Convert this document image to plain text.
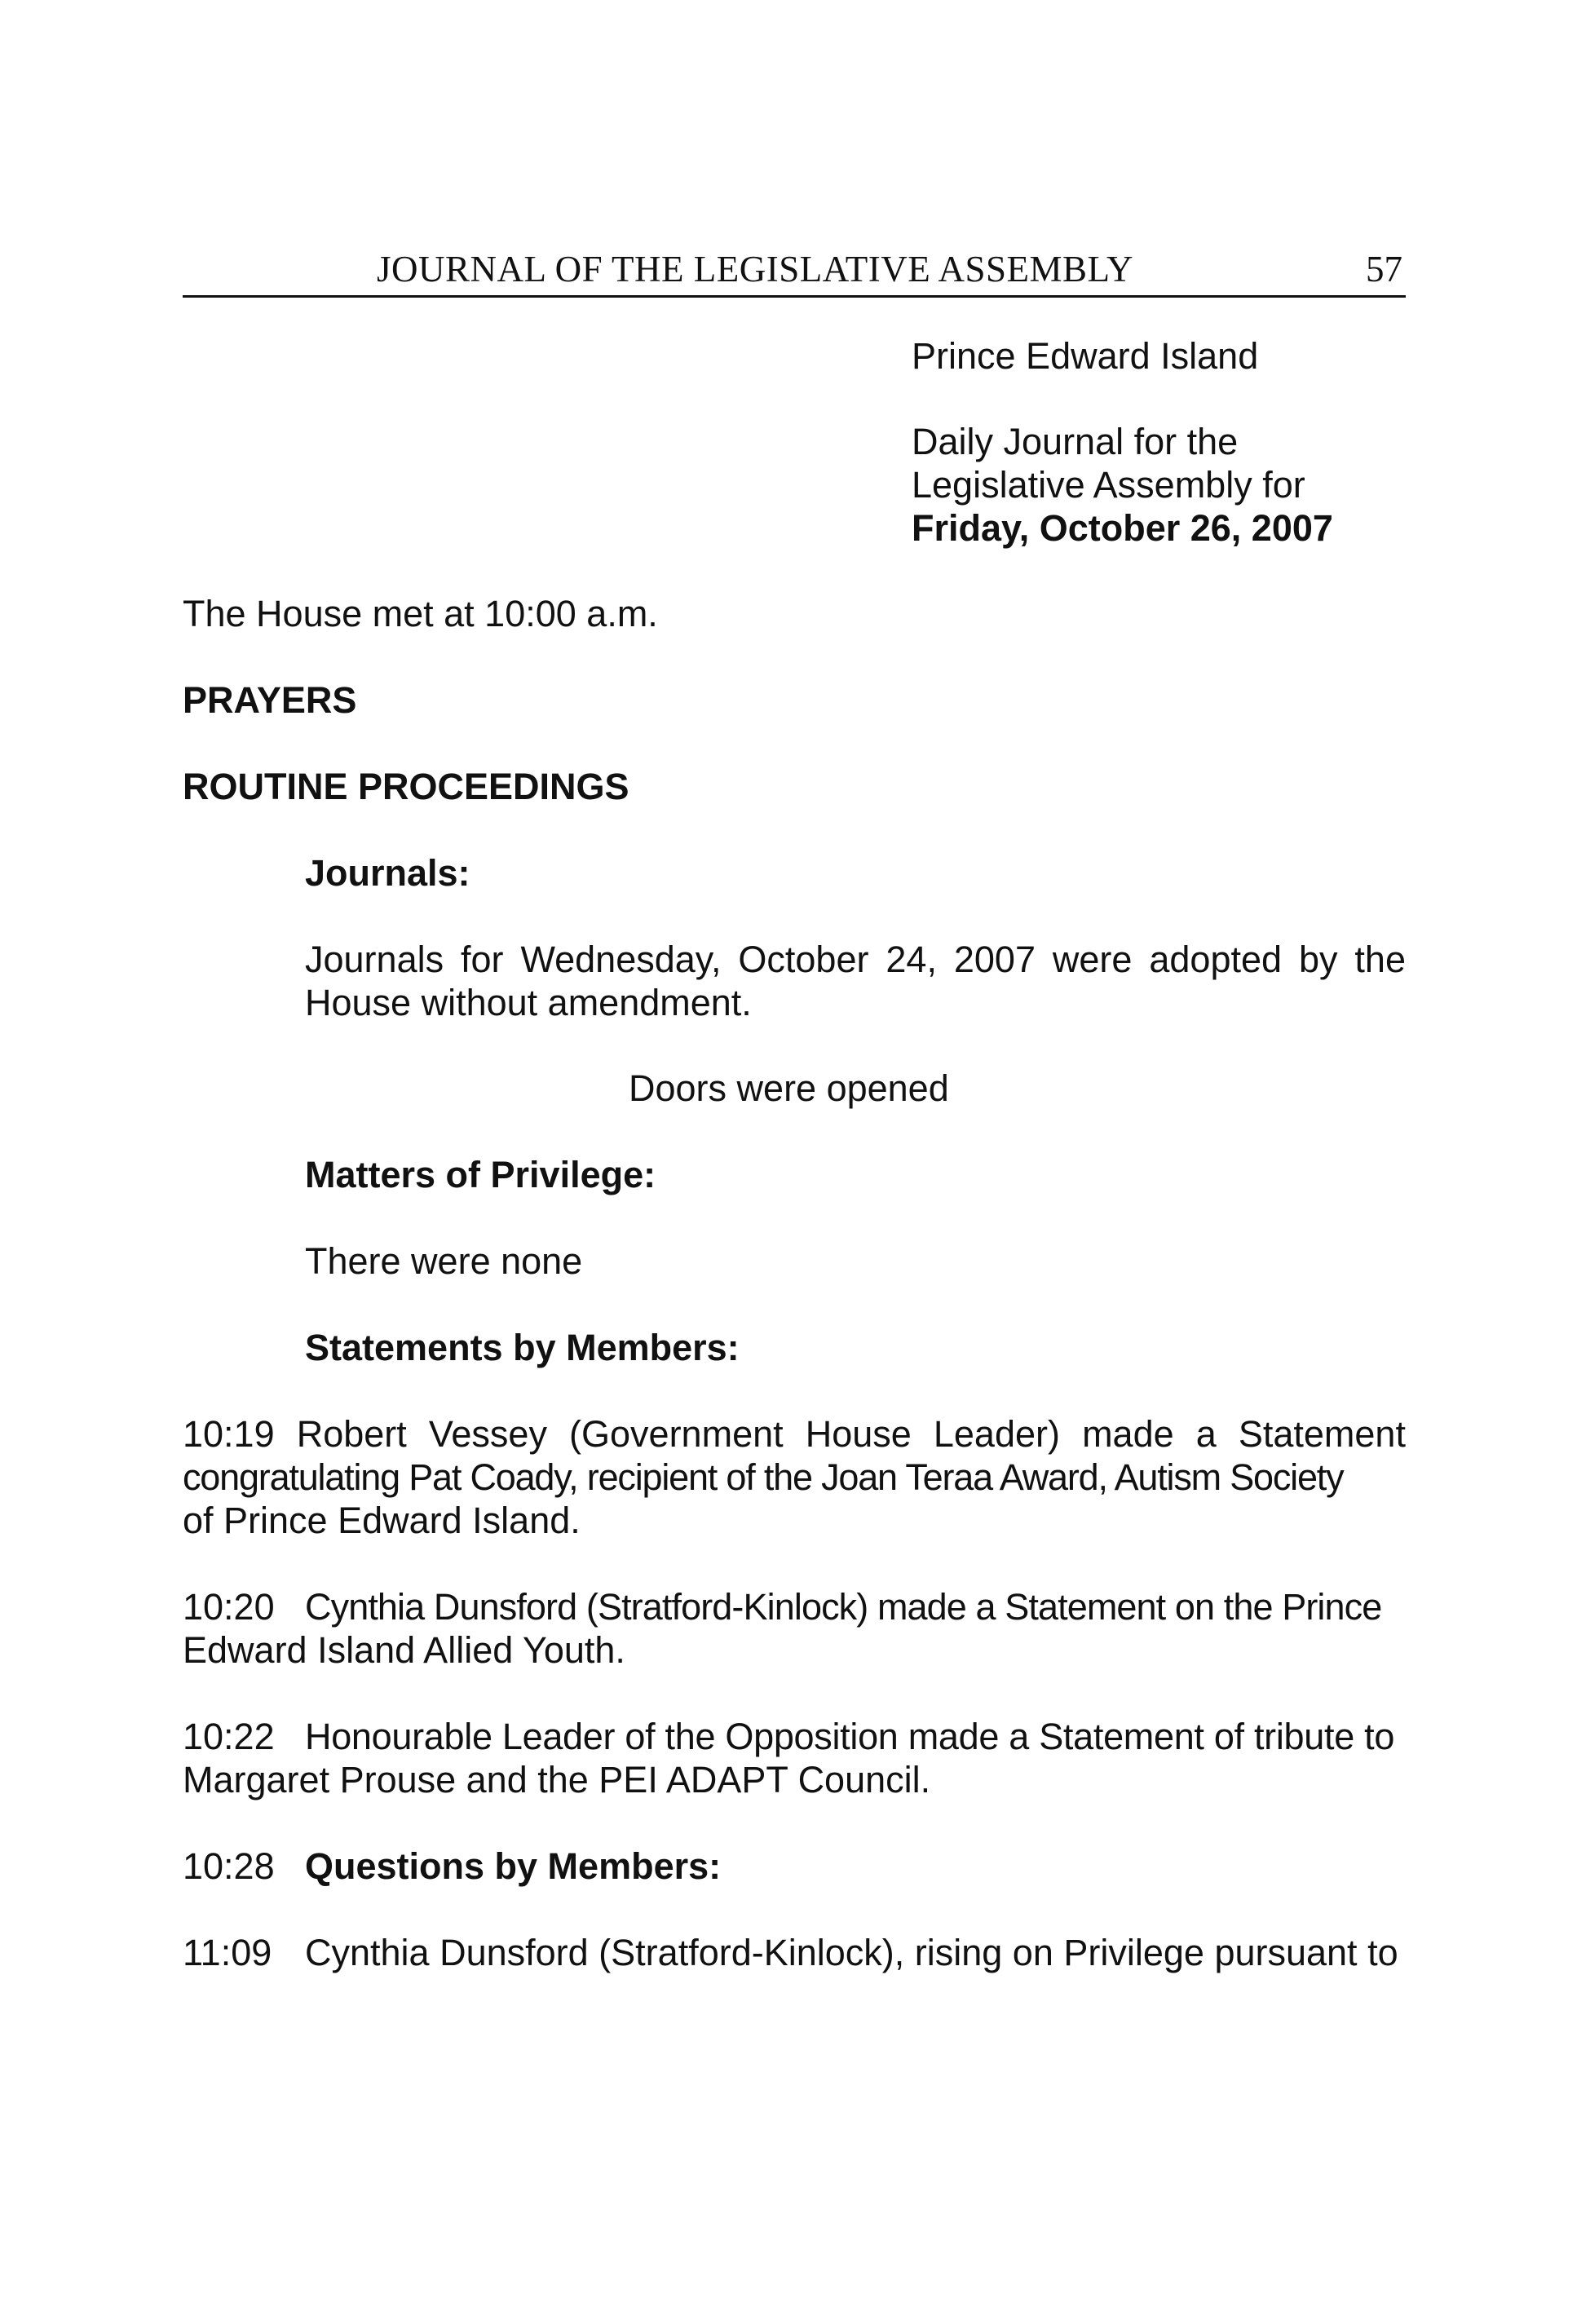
JOURNAL OF THE LEGISLATIVE ASSEMBLY	57
Prince Edward Island
Daily Journal for the
Legislative Assembly for
Friday, October 26, 2007
The House met at 10:00 a.m.
PRAYERS
ROUTINE PROCEEDINGS
Journals:
Journals for Wednesday, October 24, 2007 were adopted by the House without amendment.
Doors were opened
Matters of Privilege:
There were none
Statements by Members:
10:19 Robert Vessey (Government House Leader) made a Statement
congratulating Pat Coady, recipient of the Joan Teraa Award, Autism Society
of Prince Edward Island.
10:20 Cynthia Dunsford (Stratford-Kinlock) made a Statement on the Prince
Edward Island Allied Youth.
10:22 Honourable Leader of the Opposition made a Statement of tribute to
Margaret Prouse and the PEI ADAPT Council.
10:28 Questions by Members:
11:09 Cynthia Dunsford (Stratford-Kinlock), rising on Privilege pursuant to
